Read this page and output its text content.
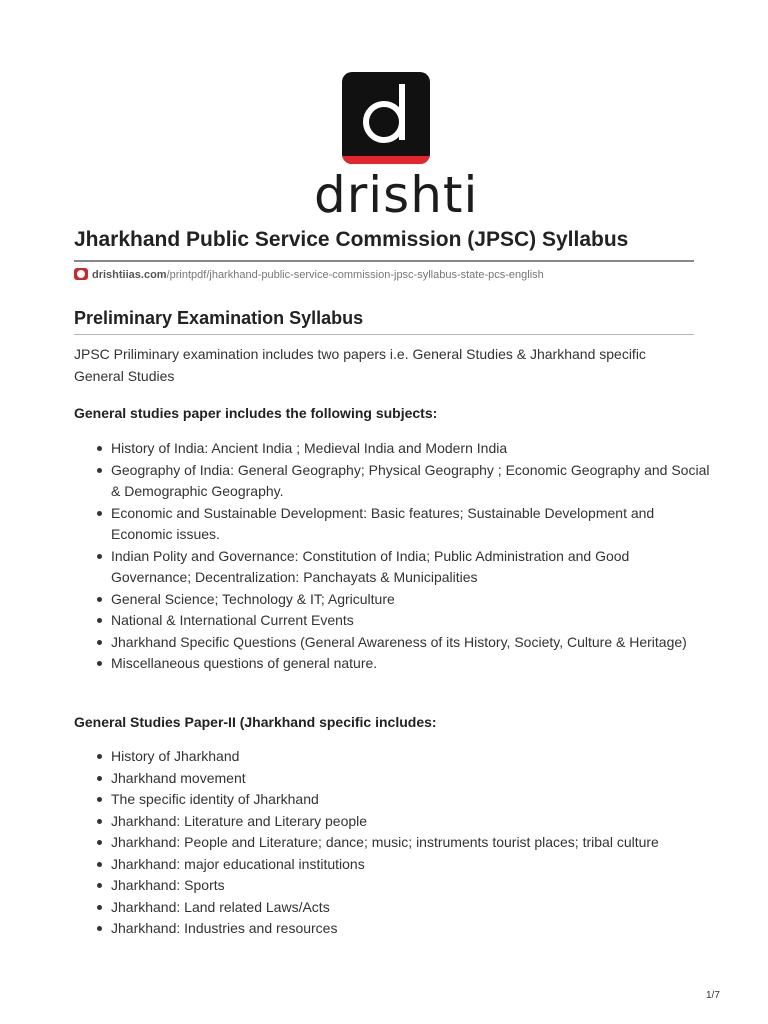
drishti
Jharkhand Public Service Commission (JPSC) Syllabus
drishtiias.com/printpdf/jharkhand-public-service-commission-jpsc-syllabus-state-pcs-english
Preliminary Examination Syllabus
JPSC Priliminary examination includes two papers i.e. General Studies & Jharkhand specific General Studies
General studies paper includes the following subjects:
History of India: Ancient India ; Medieval India and Modern India
Geography of India: General Geography; Physical Geography ; Economic Geography and Social & Demographic Geography.
Economic and Sustainable Development: Basic features; Sustainable Development and Economic issues.
Indian Polity and Governance: Constitution of India; Public Administration and Good Governance; Decentralization: Panchayats & Municipalities
General Science; Technology & IT; Agriculture
National & International Current Events
Jharkhand Specific Questions (General Awareness of its History, Society, Culture & Heritage)
Miscellaneous questions of general nature.
General Studies Paper-II (Jharkhand specific includes:
History of Jharkhand
Jharkhand movement
The specific identity of Jharkhand
Jharkhand: Literature and Literary people
Jharkhand: People and Literature; dance; music; instruments tourist places; tribal culture
Jharkhand: major educational institutions
Jharkhand: Sports
Jharkhand: Land related Laws/Acts
Jharkhand: Industries and resources
1/7
